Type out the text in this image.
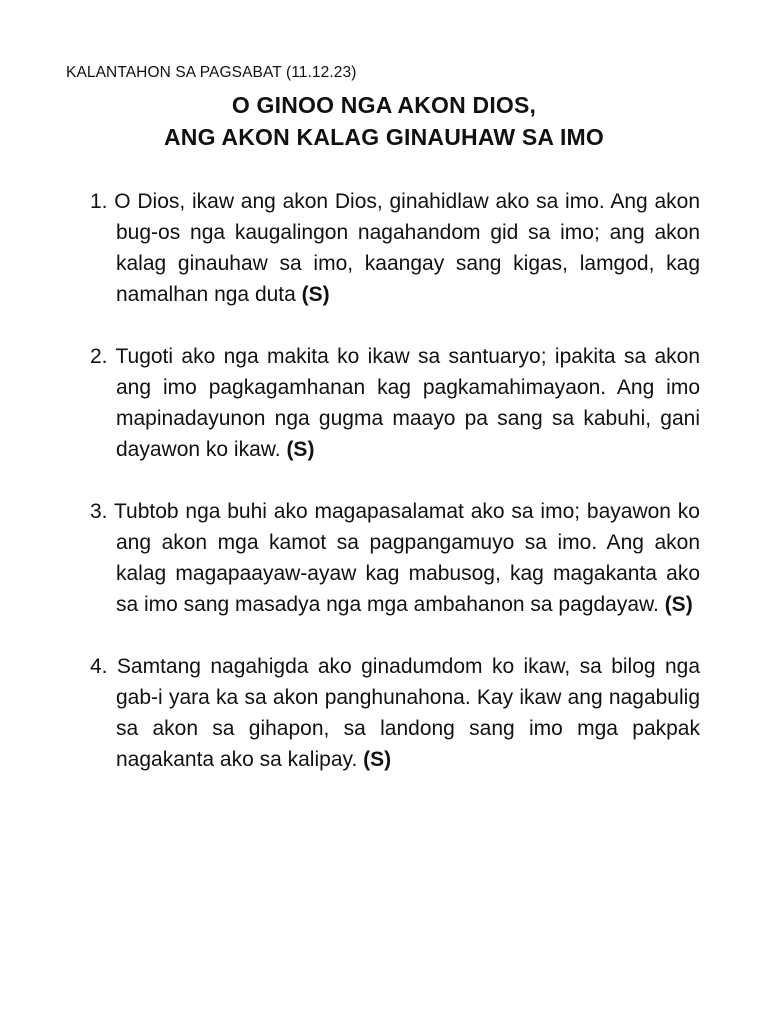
KALANTAHON SA PAGSABAT (11.12.23)
O GINOO NGA AKON DIOS,
ANG AKON KALAG GINAUHAW SA IMO

1. O Dios, ikaw ang akon Dios, ginahidlaw ako sa imo. Ang akon bug-os nga kaugalingon nagahandom gid sa imo; ang akon kalag ginauhaw sa imo, kaangay sang kigas, lamgod, kag namalhan nga duta (S)

2. Tugoti ako nga makita ko ikaw sa santuaryo; ipakita sa akon ang imo pagkagamhanan kag pagkamahimayaon. Ang imo mapinadayunon nga gugma maayo pa sang sa kabuhi, gani dayawon ko ikaw. (S)

3. Tubtob nga buhi ako magapasalamat ako sa imo; bayawon ko ang akon mga kamot sa pagpangamuyo sa imo. Ang akon kalag magapaayaw-ayaw kag mabusog, kag magakanta ako sa imo sang masadya nga mga ambahanon sa pagdayaw. (S)

4. Samtang nagahigda ako ginadumdom ko ikaw, sa bilog nga gab-i yara ka sa akon panghunahona. Kay ikaw ang nagabulig sa akon sa gihapon, sa landong sang imo mga pakpak nagakanta ako sa kalipay. (S)
